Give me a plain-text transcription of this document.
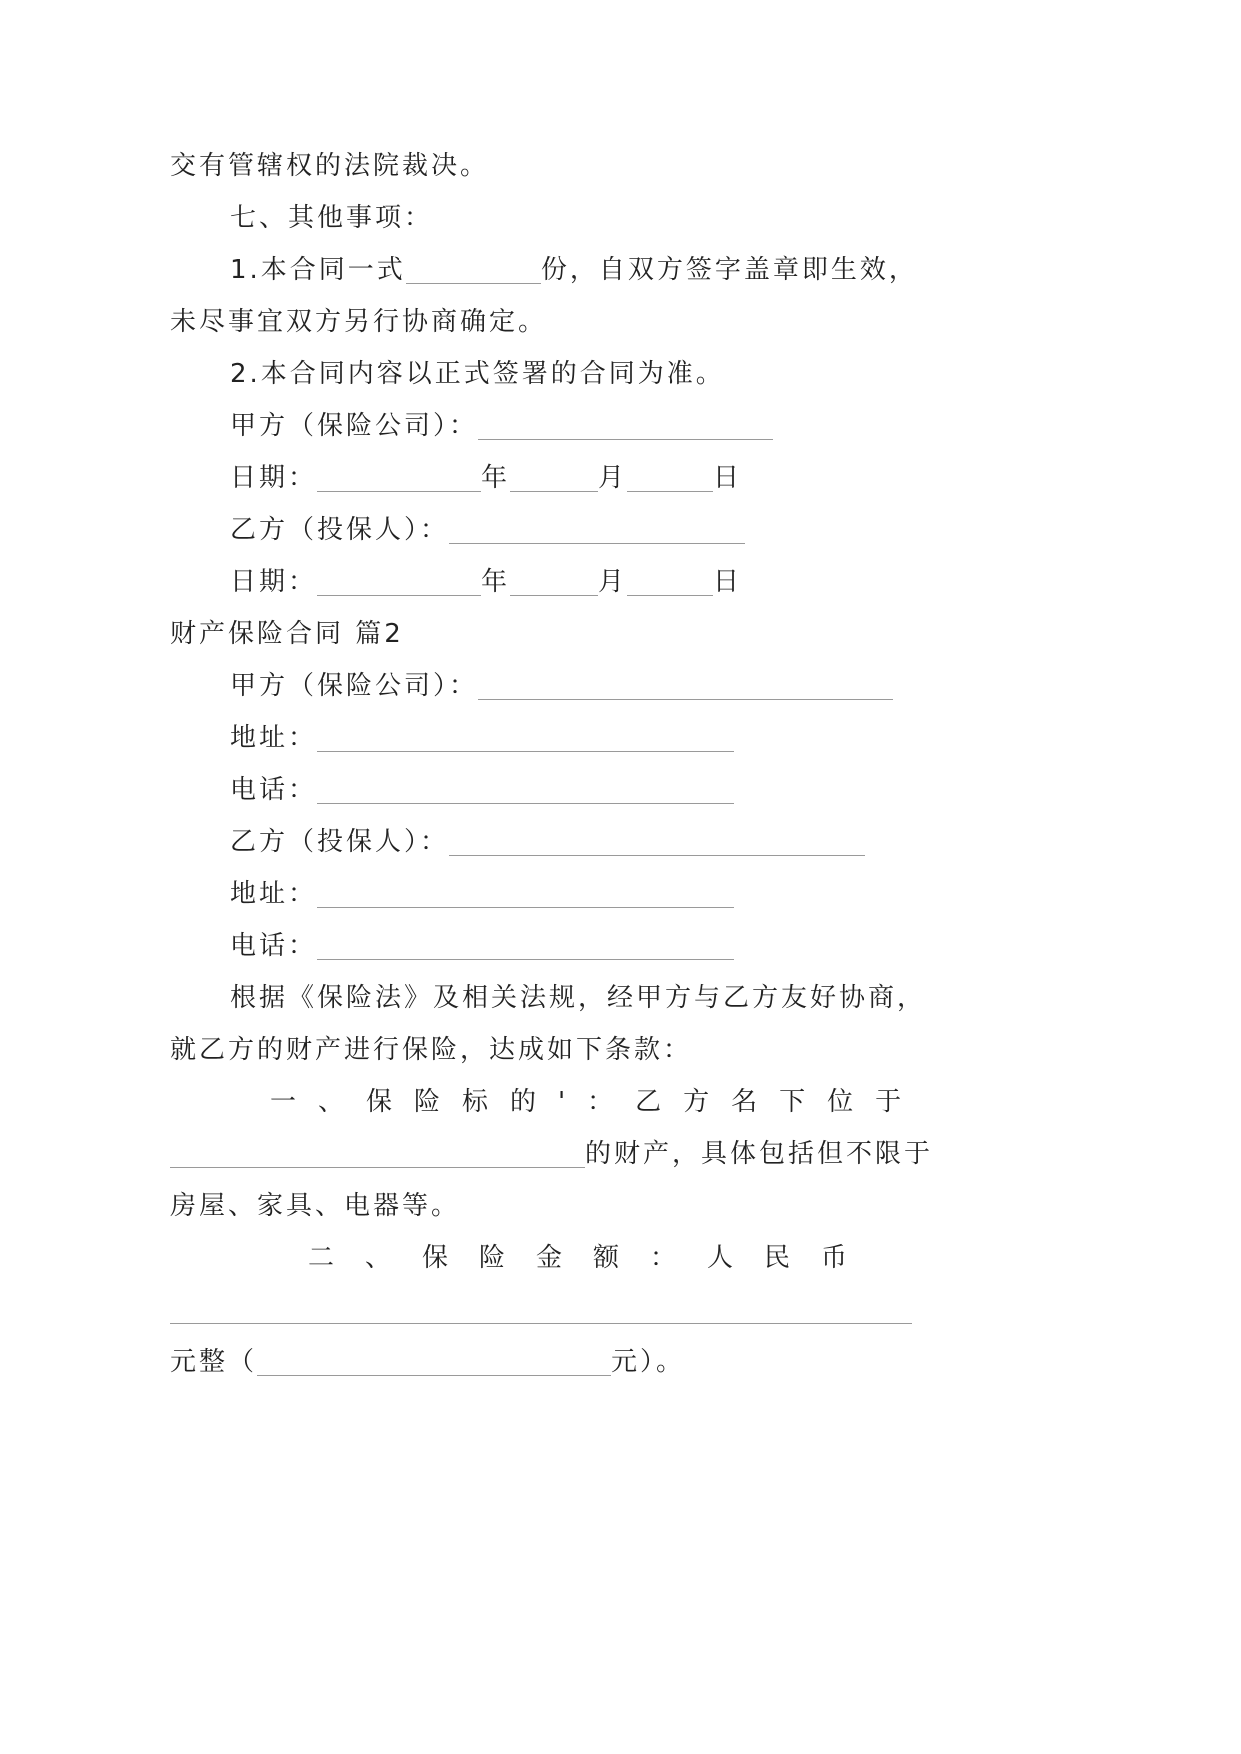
交有管辖权的法院裁决。
七、其他事项：
1.本合同一式	份，自双方签字盖章即生效，
未尽事宜双方另行协商确定。
2.本合同内容以正式签署的合同为准。
甲方（保险公司）：
日期：	年	月	日
乙方（投保人）：
日期：	年	月	日
财产保险合同 篇2
甲方（保险公司）：
地址：
电话：
乙方（投保人）：
地址：
电话：
根据《保险法》及相关法规，经甲方与乙方友好协商，
就乙方的财产进行保险，达成如下条款：
一、保险标的'：乙方名下位于
的财产，具体包括但不限于
房屋、家具、电器等。
二、保险金额：人民币
元整（	元）。
